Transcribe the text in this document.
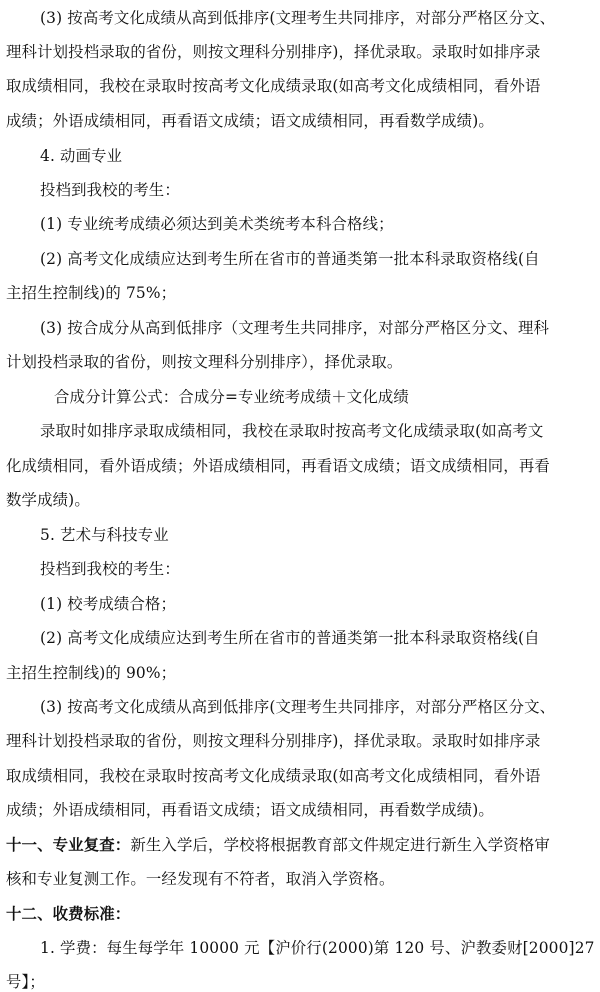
(3) 按高考文化成绩从高到低排序(文理考生共同排序，对部分严格区分文、
理科计划投档录取的省份，则按文理科分别排序)，择优录取。录取时如排序录
取成绩相同，我校在录取时按高考文化成绩录取(如高考文化成绩相同，看外语
成绩；外语成绩相同，再看语文成绩；语文成绩相同，再看数学成绩)。
4. 动画专业
投档到我校的考生：
(1) 专业统考成绩必须达到美术类统考本科合格线；
(2) 高考文化成绩应达到考生所在省市的普通类第一批本科录取资格线(自
主招生控制线)的 75%；
(3) 按合成分从高到低排序（文理考生共同排序，对部分严格区分文、理科
计划投档录取的省份，则按文理科分别排序），择优录取。
合成分计算公式：合成分=专业统考成绩＋文化成绩
录取时如排序录取成绩相同，我校在录取时按高考文化成绩录取(如高考文
化成绩相同，看外语成绩；外语成绩相同，再看语文成绩；语文成绩相同，再看
数学成绩)。
5. 艺术与科技专业
投档到我校的考生：
(1) 校考成绩合格；
(2) 高考文化成绩应达到考生所在省市的普通类第一批本科录取资格线(自
主招生控制线)的 90%；
(3) 按高考文化成绩从高到低排序(文理考生共同排序，对部分严格区分文、
理科计划投档录取的省份，则按文理科分别排序)，择优录取。录取时如排序录
取成绩相同，我校在录取时按高考文化成绩录取(如高考文化成绩相同，看外语
成绩；外语成绩相同，再看语文成绩；语文成绩相同，再看数学成绩)。
十一、专业复查：新生入学后，学校将根据教育部文件规定进行新生入学资格审
核和专业复测工作。一经发现有不符者，取消入学资格。
十二、收费标准：
1. 学费：每生每学年 10000 元【沪价行(2000)第 120 号、沪教委财[2000]27
号】；
